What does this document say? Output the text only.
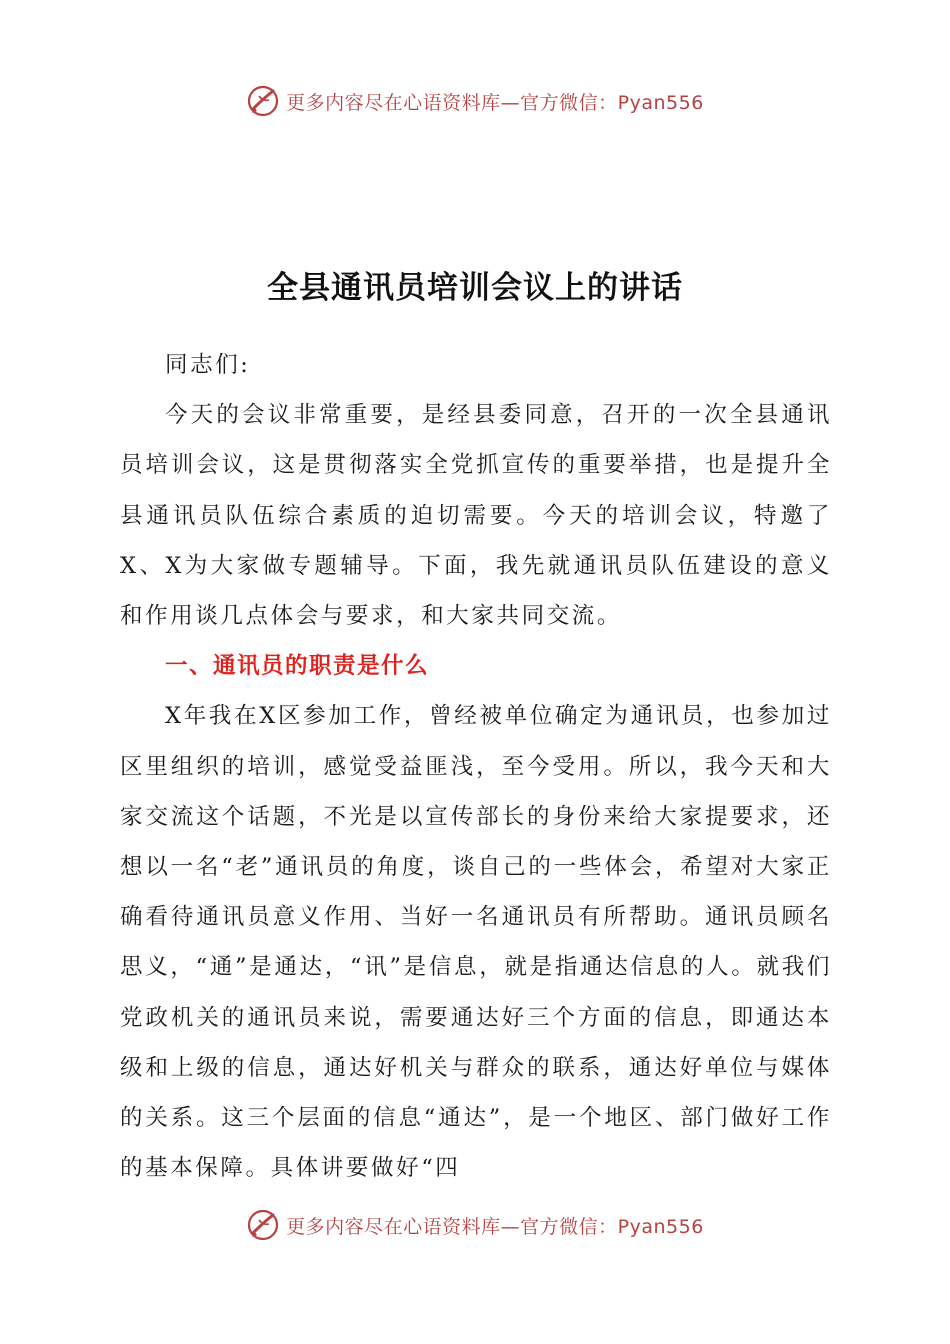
更多内容尽在心语资料库—官方微信：Pyan556
全县通讯员培训会议上的讲话

同志们:

今天的会议非常重要，是经县委同意，召开的一次全县通讯员培训会议，这是贯彻落实全党抓宣传的重要举措，也是提升全县通讯员队伍综合素质的迫切需要。今天的培训会议，特邀了X、X为大家做专题辅导。下面，我先就通讯员队伍建设的意义和作用谈几点体会与要求，和大家共同交流。

一、通讯员的职责是什么

X年我在X区参加工作，曾经被单位确定为通讯员，也参加过区里组织的培训，感觉受益匪浅，至今受用。所以，我今天和大家交流这个话题，不光是以宣传部长的身份来给大家提要求，还想以一名“老”通讯员的角度，谈自己的一些体会，希望对大家正确看待通讯员意义作用、当好一名通讯员有所帮助。通讯员顾名思义，“通”是通达，“讯”是信息，就是指通达信息的人。就我们党政机关的通讯员来说，需要通达好三个方面的信息，即通达本级和上级的信息，通达好机关与群众的联系，通达好单位与媒体的关系。这三个层面的信息“通达”，是一个地区、部门做好工作的基本保障。具体讲要做好“四

更多内容尽在心语资料库—官方微信：Pyan556
